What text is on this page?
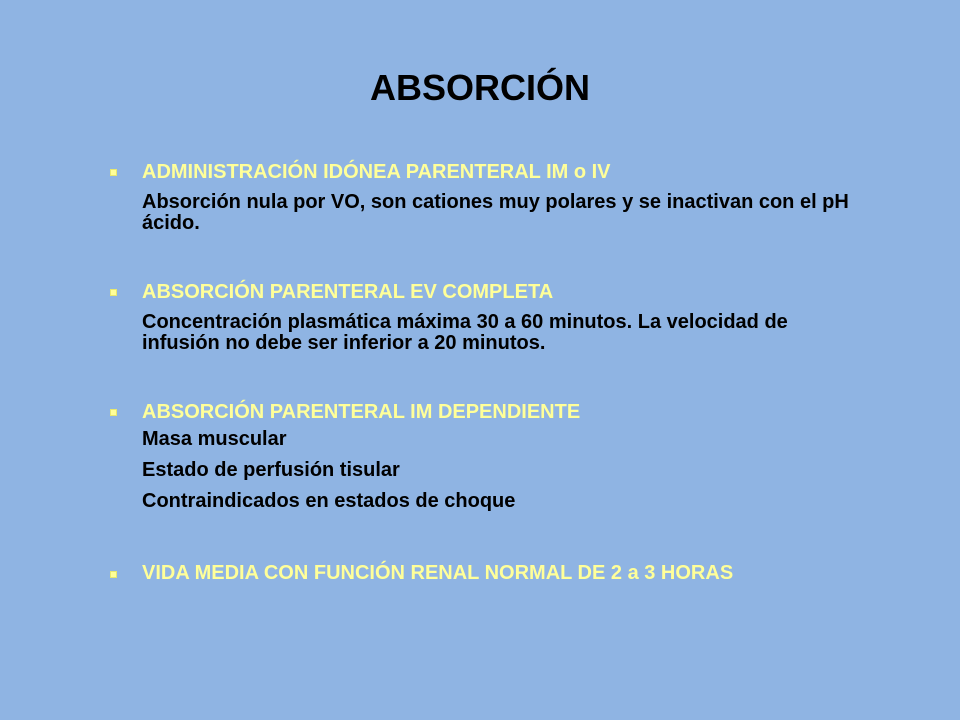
ABSORCIÓN
ADMINISTRACIÓN IDÓNEA PARENTERAL IM o IV
Absorción nula por VO, son cationes muy polares y se inactivan con el pH ácido.
ABSORCIÓN PARENTERAL EV COMPLETA
Concentración plasmática máxima 30 a 60 minutos. La velocidad de infusión no debe ser inferior a 20 minutos.
ABSORCIÓN PARENTERAL IM DEPENDIENTE
Masa muscular
Estado de perfusión tisular
Contraindicados en estados de choque
VIDA MEDIA CON FUNCIÓN RENAL NORMAL DE 2 a 3 HORAS
